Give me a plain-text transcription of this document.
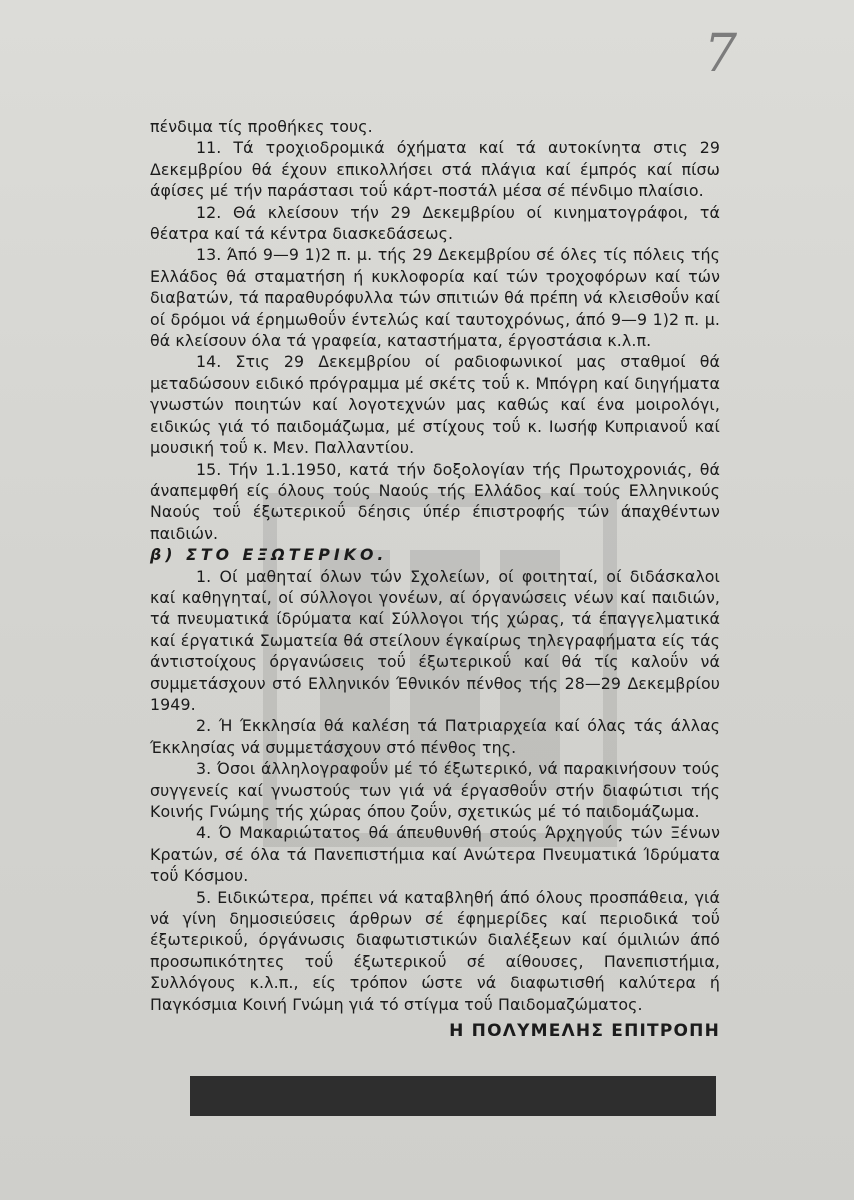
7

πένδιμα τίς προθήκες τους.

11. Τά τροχιοδρομικά όχήματα καί τά αυτοκίνητα στις 29 Δεκεμβρίου θά έχουν επικολλήσει στά πλάγια καί έμπρός καί πίσω άφίσες μέ τήν παράστασι τοΰ κάρτ-ποστάλ μέσα σέ πένδιμο πλαίσιο.

12. Θά κλείσουν τήν 29 Δεκεμβρίου οί κινηματογράφοι, τά θέατρα καί τά κέντρα διασκεδάσεως.

13. Άπό 9—9 1)2 π. μ. τής 29 Δεκεμβρίου σέ όλες τίς πόλεις τής Ελλάδος θά σταματήση ή κυκλοφορία καί τών τροχοφόρων καί τών διαβατών, τά παραθυρόφυλλα τών σπιτιών θά πρέπη νά κλεισθοΰν καί οί δρόμοι νά έρημωθοΰν έντελώς καί ταυτοχρόνως, άπό 9—9 1)2 π. μ. θά κλείσουν όλα τά γραφεία, καταστήματα, έργοστάσια κ.λ.π.

14. Στις 29 Δεκεμβρίου οί ραδιοφωνικοί μας σταθμοί θά μεταδώσουν ειδικό πρόγραμμα μέ σκέτς τοΰ κ. Μπόγρη καί διηγήματα γνωστών ποιητών καί λογοτεχνών μας καθώς καί ένα μοιρολόγι, ειδικώς γιά τό παιδομάζωμα, μέ στίχους τοΰ κ. Ιωσήφ Κυπριανοΰ καί μουσική τοΰ κ. Μεν. Παλλαντίου.

15. Τήν 1.1.1950, κατά τήν δοξολογίαν τής Πρωτοχρονιάς, θά άναπεμφθή είς όλους τούς Ναούς τής Ελλάδος καί τούς Ελληνικούς Ναούς τοΰ έξωτερικοΰ δέησις ύπέρ έπιστροφής τών άπαχθέντων παιδιών.

β) ΣΤΟ ΕΞΩΤΕΡΙΚΟ.

1. Οί μαθηταί όλων τών Σχολείων, οί φοιτηταί, οί διδάσκαλοι καί καθηγηταί, οί σύλλογοι γονέων, αί όργανώσεις νέων καί παιδιών, τά πνευματικά ίδρύματα καί Σύλλογοι τής χώρας, τά έπαγγελματικά καί έργατικά Σωματεία θά στείλουν έγκαίρως τηλεγραφήματα είς τάς άντιστοίχους όργανώσεις τοΰ έξωτερικοΰ καί θά τίς καλοΰν νά συμμετάσχουν στό Ελληνικόν Έθνικόν πένθος τής 28—29 Δεκεμβρίου 1949.

2. Ή Έκκλησία θά καλέση τά Πατριαρχεία καί όλας τάς άλλας Έκκλησίας νά συμμετάσχουν στό πένθος της.

3. Όσοι άλληλογραφοΰν μέ τό έξωτερικό, νά παρακινήσουν τούς συγγενείς καί γνωστούς των γιά νά έργασθοΰν στήν διαφώτισι τής Κοινής Γνώμης τής χώρας όπου ζοΰν, σχετικώς μέ τό παιδομάζωμα.

4. Ό Μακαριώτατος θά άπευθυνθή στούς Άρχηγούς τών Ξένων Κρατών, σέ όλα τά Πανεπιστήμια καί Ανώτερα Πνευματικά Ίδρύματα τοΰ Κόσμου.

5. Ειδικώτερα, πρέπει νά καταβληθή άπό όλους προσπάθεια, γιά νά γίνη δημοσιεύσεις άρθρων σέ έφημερίδες καί περιοδικά τοΰ έξωτερικοΰ, όργάνωσις διαφωτιστικών διαλέξεων καί όμιλιών άπό προσωπικότητες τοΰ έξωτερικοΰ σέ αίθουσες, Πανεπιστήμια, Συλλόγους κ.λ.π., είς τρόπον ώστε νά διαφωτισθή καλύτερα ή Παγκόσμια Κοινή Γνώμη γιά τό στίγμα τοΰ Παιδομαζώματος.

Η ΠΟΛΥΜΕΛΗΣ ΕΠΙΤΡΟΠΗ
